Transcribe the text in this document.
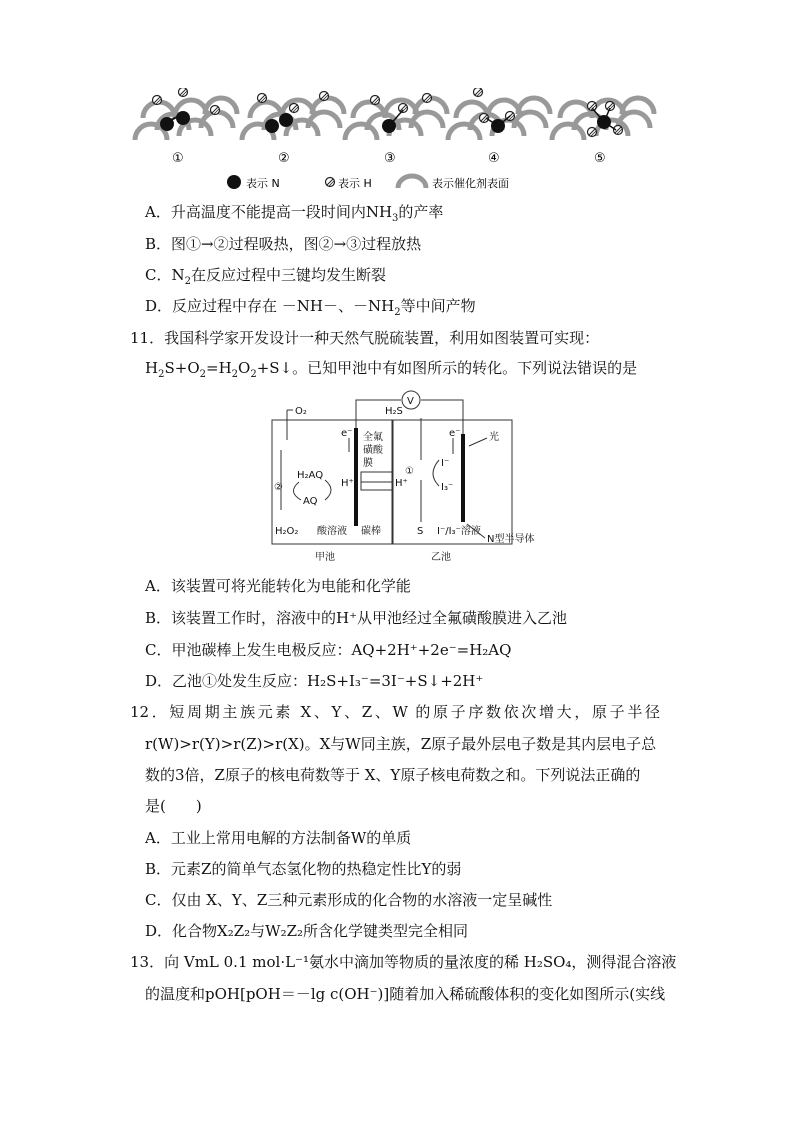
①	②	③	④	⑤
表示 N	表示 H	表示催化剂表面
A．升高温度不能提高一段时间内$NH_3$的产率
B．图①→②过程吸热，图②→③过程放热
C．$N_2$在反应过程中三键均发生断裂
D．反应过程中存在 －NH－、$-NH_2$等中间产物
11．我国科学家开发设计一种天然气脱硫装置，利用如图装置可实现：
$H_2S+O_2=H_2O_2+S↓$。已知甲池中有如图所示的转化。下列说法错误的是
V
O₂
e⁻	e⁻
全氟
磺酸
膜
H₂AQ
AQ
②	H⁺
H₂O₂ 酸溶液 碳棒
甲池
H₂S
①
H⁺
I⁻
I₃⁻
S I⁻/I₃⁻溶液
光
N型半导体
乙池
A．该装置可将光能转化为电能和化学能
B．该装置工作时，溶液中的H⁺从甲池经过全氟磺酸膜进入乙池
C．甲池碳棒上发生电极反应：AQ+2H⁺+2e⁻=H₂AQ
D．乙池①处发生反应：H₂S+I₃⁻=3I⁻+S↓+2H⁺
12．短周期主族元素 X、Y、Z、W 的原子序数依次增大，原子半径
r(W)>r(Y)>r(Z)>r(X)。X与W同主族，Z原子最外层电子数是其内层电子总
数的3倍，Z原子的核电荷数等于 X、Y原子核电荷数之和。下列说法正确的
是(　　)
A．工业上常用电解的方法制备W的单质
B．元素Z的简单气态氢化物的热稳定性比Y的弱
C．仅由 X、Y、Z三种元素形成的化合物的水溶液一定呈碱性
D．化合物X₂Z₂与W₂Z₂所含化学键类型完全相同
13．向 VmL 0.1 mol·L⁻¹氨水中滴加等物质的量浓度的稀 H₂SO₄，测得混合溶液
的温度和pOH[pOH＝－lg c(OH⁻)]随着加入稀硫酸体积的变化如图所示(实线
